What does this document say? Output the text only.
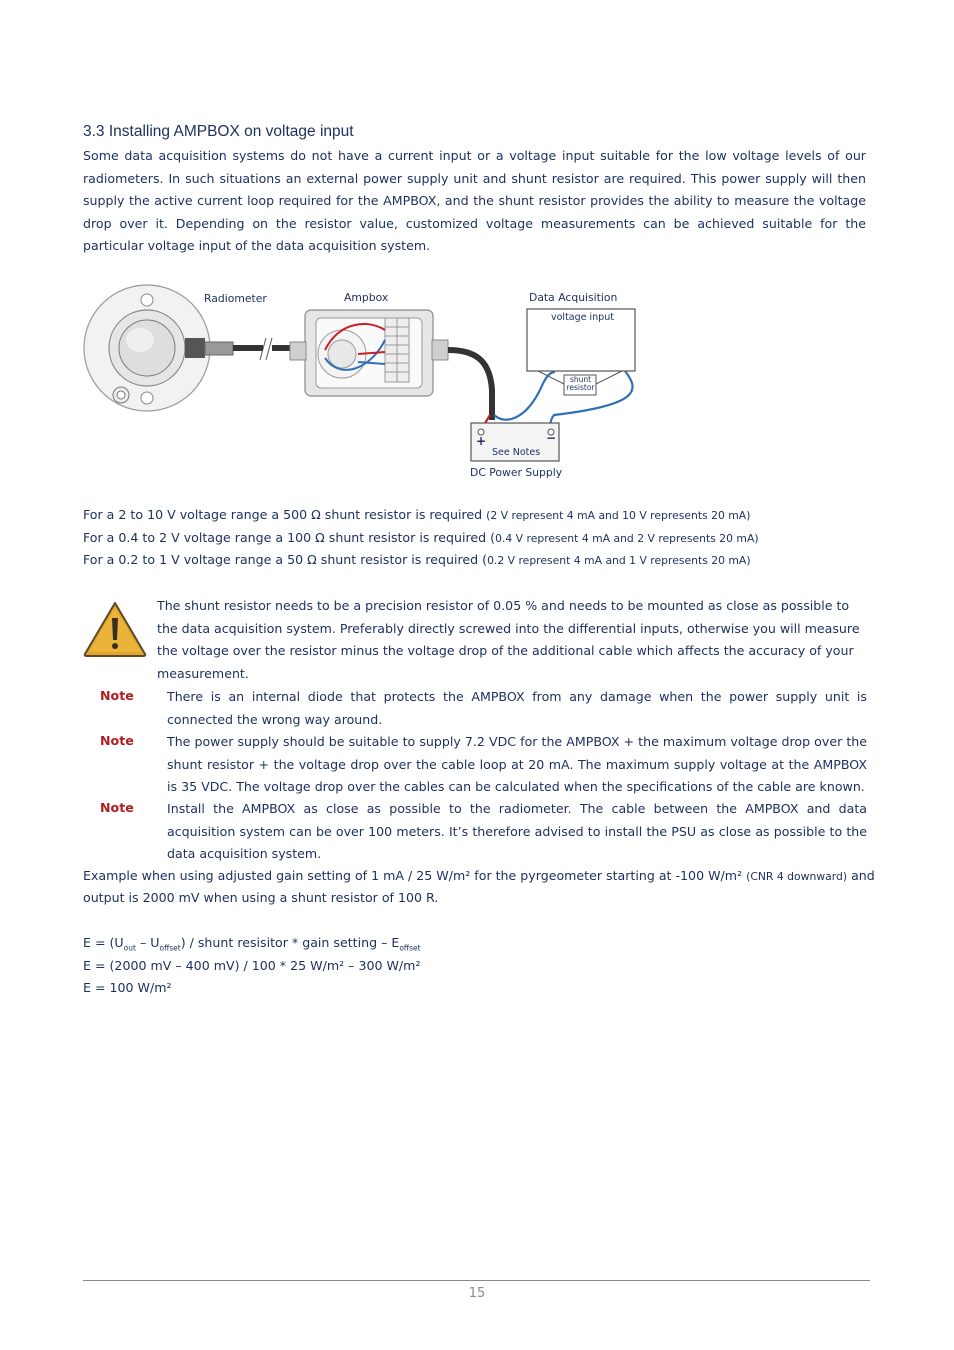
3.3 Installing AMPBOX on voltage input
Some data acquisition systems do not have a current input or a voltage input suitable for the low voltage levels of our radiometers. In such situations an external power supply unit and shunt resistor are required. This power supply will then supply the active current loop required for the AMPBOX, and the shunt resistor provides the ability to measure the voltage drop over it. Depending on the resistor value, customized voltage measurements can be achieved suitable for the particular voltage input of the data acquisition system.
Radiometer	Ampbox	Data Acquisition
voltage input
shunt
resistor
+	−
See Notes
DC Power Supply
For a 2 to 10 V voltage range a 500 Ω shunt resistor is required (2 V represent 4 mA and 10 V represents 20 mA)
For a 0.4 to 2 V voltage range a 100 Ω shunt resistor is required (0.4 V represent 4 mA and 2 V represents 20 mA)
For a 0.2 to 1 V voltage range a 50 Ω shunt resistor is required (0.2 V represent 4 mA and 1 V represents 20 mA)
The shunt resistor needs to be a precision resistor of 0.05 % and needs to be mounted as close as possible to the data acquisition system. Preferably directly screwed into the differential inputs, otherwise you will measure the voltage over the resistor minus the voltage drop of the additional cable which affects the accuracy of your measurement.
Note	There is an internal diode that protects the AMPBOX from any damage when the power supply unit is connected the wrong way around.
Note	The power supply should be suitable to supply 7.2 VDC for the AMPBOX + the maximum voltage drop over the shunt resistor + the voltage drop over the cable loop at 20 mA. The maximum supply voltage at the AMPBOX is 35 VDC. The voltage drop over the cables can be calculated when the specifications of the cable are known.
Note	Install the AMPBOX as close as possible to the radiometer. The cable between the AMPBOX and data acquisition system can be over 100 meters. It’s therefore advised to install the PSU as close as possible to the data acquisition system.
Example when using adjusted gain setting of 1 mA / 25 W/m² for the pyrgeometer starting at -100 W/m² (CNR 4 downward) and
output is 2000 mV when using a shunt resistor of 100 R.
$E = (U_{out} - U_{offset})$ / shunt resisitor * gain setting – $E_{offset}$
E = (2000 mV – 400 mV) / 100 * 25 W/m² – 300 W/m²
E = 100 W/m²
15
